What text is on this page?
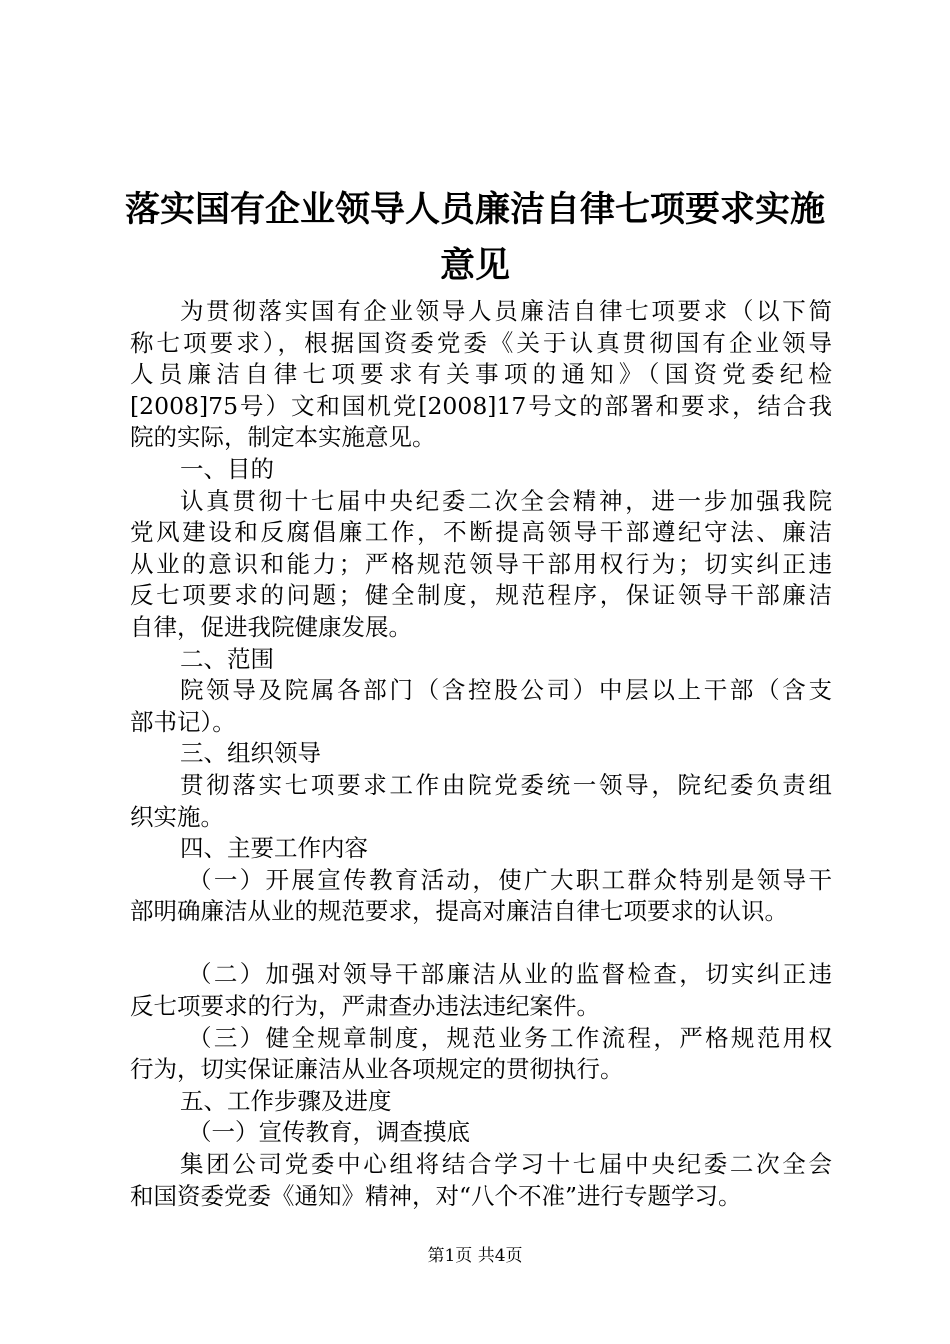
落实国有企业领导人员廉洁自律七项要求实施
意见
为贯彻落实国有企业领导人员廉洁自律七项要求（以下简
称七项要求），根据国资委党委《关于认真贯彻国有企业领导
人员廉洁自律七项要求有关事项的通知》（国资党委纪检
[2008]75号）文和国机党[2008]17号文的部署和要求，结合我
院的实际，制定本实施意见。
一、目的
认真贯彻十七届中央纪委二次全会精神，进一步加强我院
党风建设和反腐倡廉工作，不断提高领导干部遵纪守法、廉洁
从业的意识和能力；严格规范领导干部用权行为；切实纠正违
反七项要求的问题；健全制度，规范程序，保证领导干部廉洁
自律，促进我院健康发展。
二、范围
院领导及院属各部门（含控股公司）中层以上干部（含支
部书记）。
三、组织领导
贯彻落实七项要求工作由院党委统一领导，院纪委负责组
织实施。
四、主要工作内容
（一）开展宣传教育活动，使广大职工群众特别是领导干
部明确廉洁从业的规范要求，提高对廉洁自律七项要求的认识。
（二）加强对领导干部廉洁从业的监督检查，切实纠正违
反七项要求的行为，严肃查办违法违纪案件。
（三）健全规章制度，规范业务工作流程，严格规范用权
行为，切实保证廉洁从业各项规定的贯彻执行。
五、工作步骤及进度
（一）宣传教育，调查摸底
集团公司党委中心组将结合学习十七届中央纪委二次全会
和国资委党委《通知》精神，对“八个不准”进行专题学习。
第1页 共4页
